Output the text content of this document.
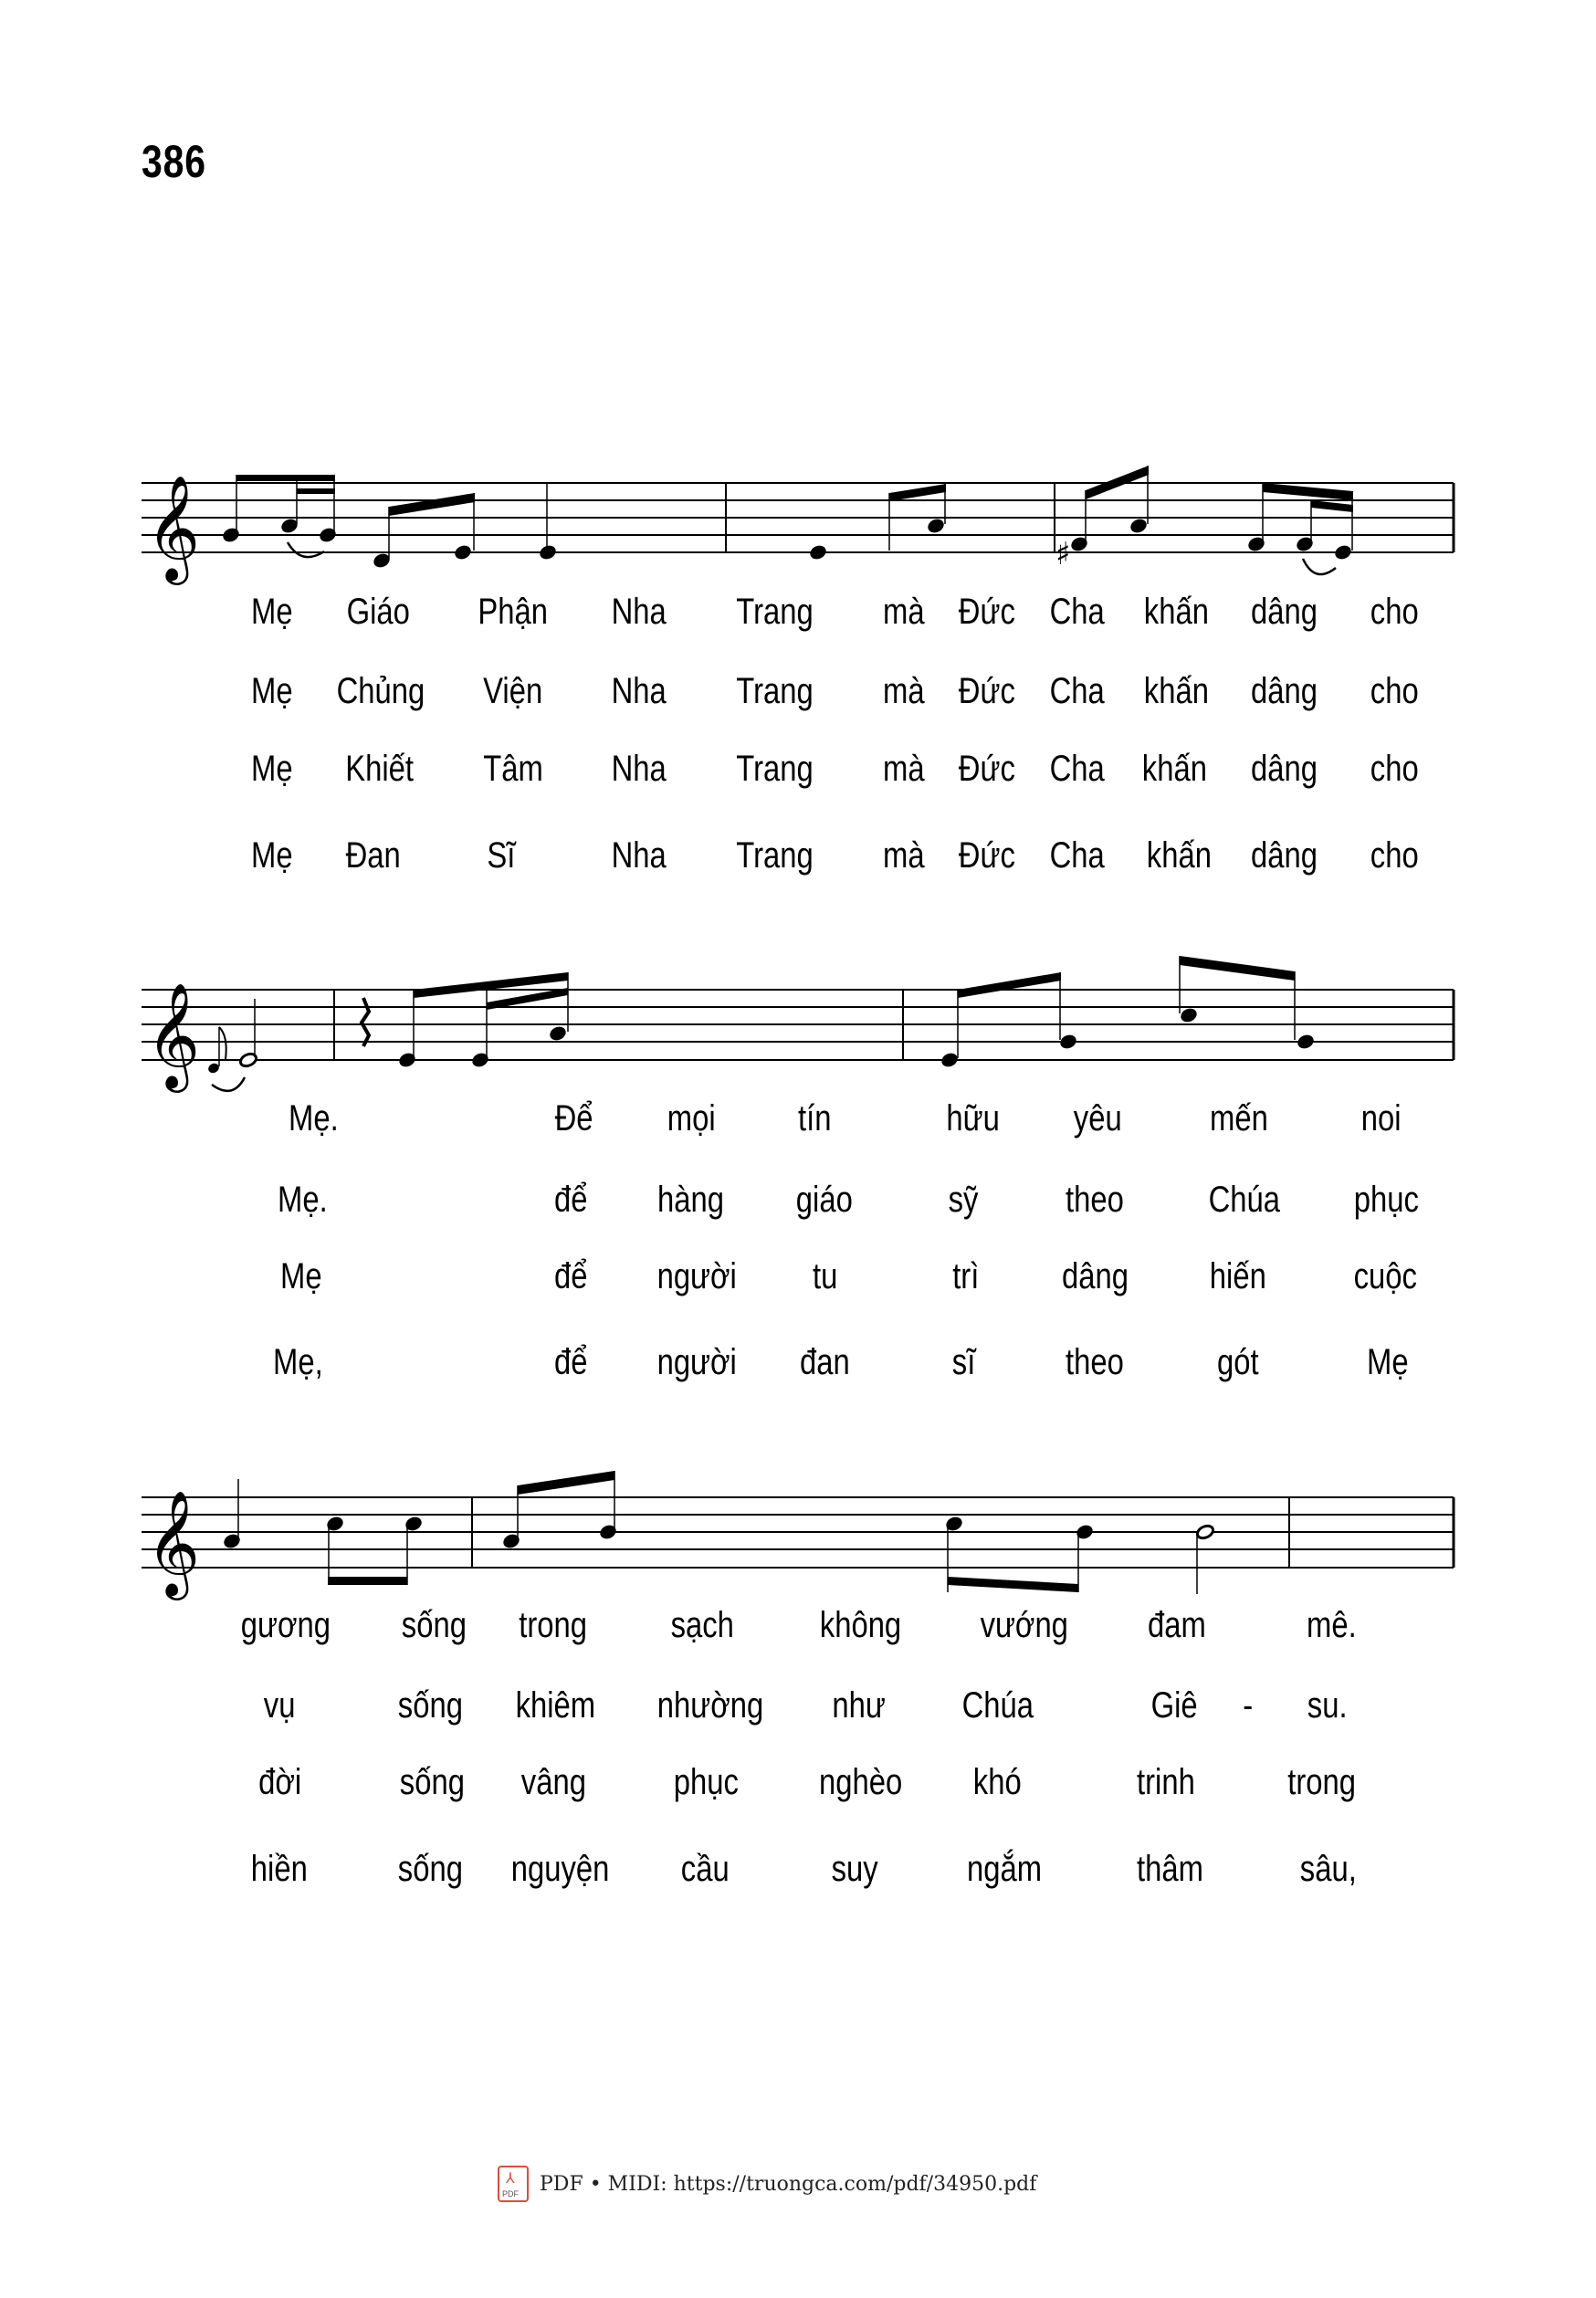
386
𝄞	♯
Mẹ Giáo Phận Nha Trang mà Đức Cha khấn dâng cho
Mẹ Chủng Viện Nha Trang mà Đức Cha khấn dâng cho
Mẹ Khiết Tâm Nha Trang mà Đức Cha khấn dâng cho
Mẹ Đan Sĩ	Nha Trang mà Đức Cha khấn dâng cho
𝄞
Mẹ.	Để mọi tín	hữu yêu mến	noi
Mẹ.	để hàng giáo	sỹ theo Chúa phục
Mẹ	để người tu	trì dâng hiến cuộc
Mẹ,	để người đan	sĩ theo	gót	Mẹ
𝄞
gương sống trong sạch không vướng đam	mê.
vụ	sống khiêm nhường như Chúa	Giê - su.
đời	sống vâng phục nghèo khó	trinh	trong
hiền sống nguyện cầu	suy ngắm	thâm	sâu,
⅄
PDF PDF • MIDI: https://truongca.com/pdf/34950.pdf
